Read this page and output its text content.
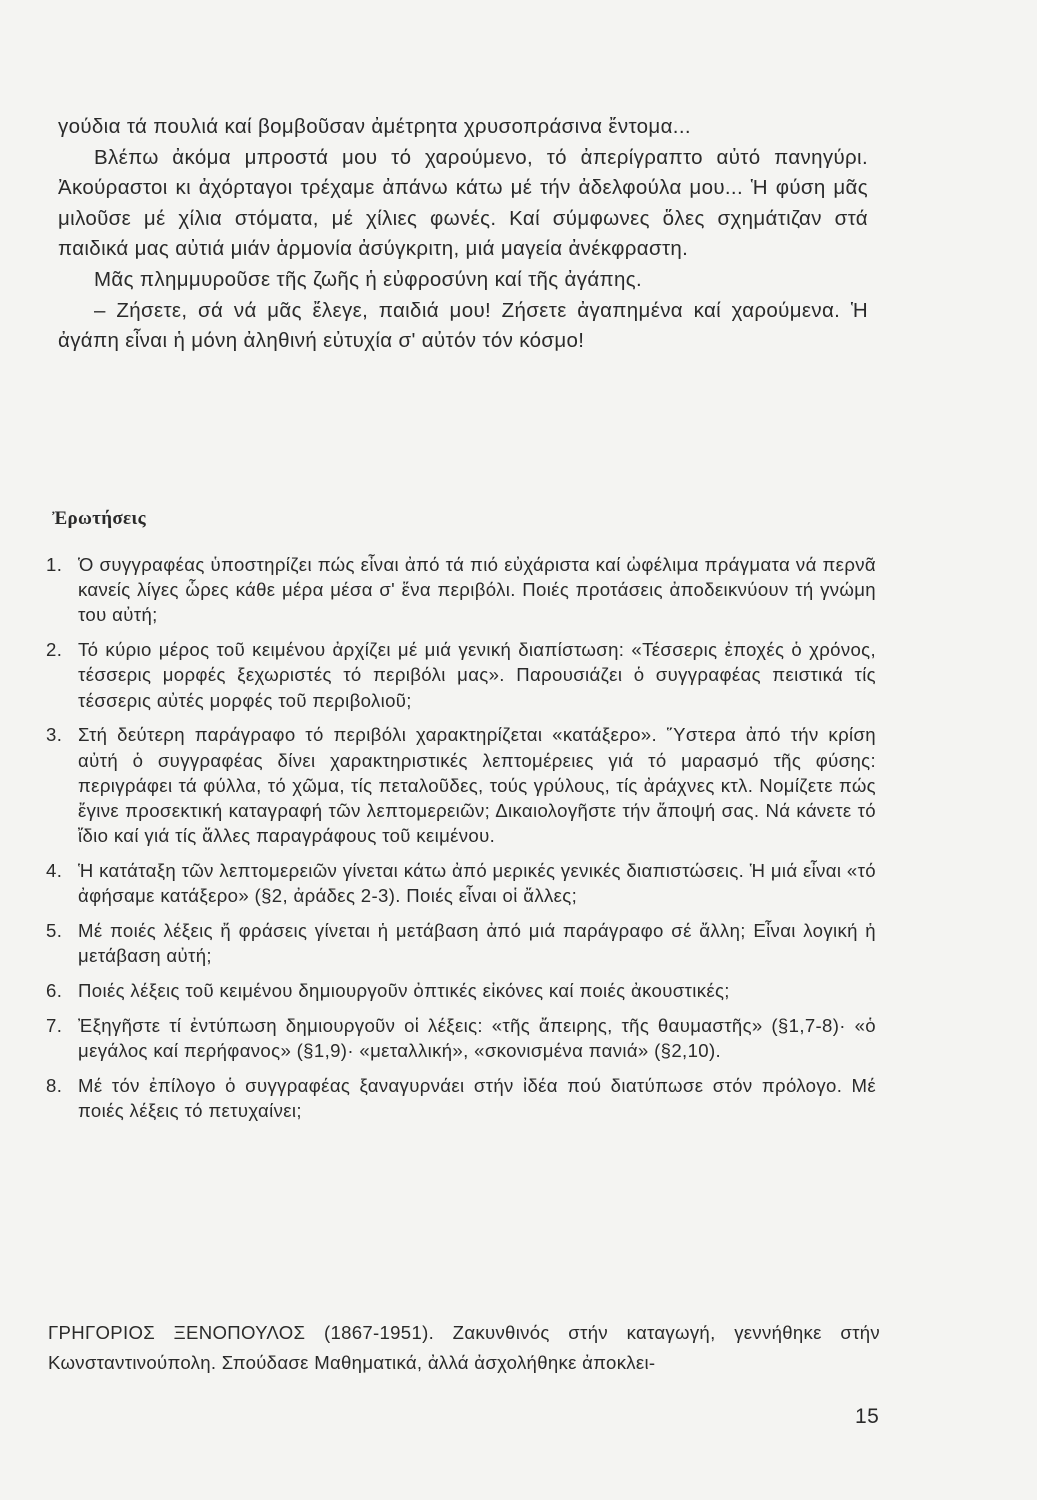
γούδια τά πουλιά καί βομβοῦσαν ἀμέτρητα χρυσοπράσινα ἔντομα...

Βλέπω ἀκόμα μπροστά μου τό χαρούμενο, τό ἀπερίγραπτο αὐτό πανηγύρι. Ἀκούραστοι κι ἀχόρταγοι τρέχαμε ἀπάνω κάτω μέ τήν ἀδελφούλα μου... Ἡ φύση μᾶς μιλοῦσε μέ χίλια στόματα, μέ χίλιες φωνές. Καί σύμφωνες ὅλες σχημάτιζαν στά παιδικά μας αὐτιά μιάν ἁρμονία ἀσύγκριτη, μιά μαγεία ἀνέκφραστη.

Μᾶς πλημμυροῦσε τῆς ζωῆς ἡ εὐφροσύνη καί τῆς ἀγάπης.

– Ζήσετε, σά νά μᾶς ἔλεγε, παιδιά μου! Ζήσετε ἀγαπημένα καί χαρούμενα. Ἡ ἀγάπη εἶναι ἡ μόνη ἀληθινή εὐτυχία σ' αὐτόν τόν κόσμο!

Ἐρωτήσεις
1. Ὁ συγγραφέας ὑποστηρίζει πώς εἶναι ἀπό τά πιό εὐχάριστα καί ὠφέλιμα πράγματα νά περνᾶ κανείς λίγες ὧρες κάθε μέρα μέσα σ' ἕνα περιβόλι. Ποιές προτάσεις ἀποδεικνύουν τή γνώμη του αὐτή;
2. Τό κύριο μέρος τοῦ κειμένου ἀρχίζει μέ μιά γενική διαπίστωση: «Τέσσερις ἐποχές ὁ χρόνος, τέσσερις μορφές ξεχωριστές τό περιβόλι μας». Παρουσιάζει ὁ συγγραφέας πειστικά τίς τέσσερις αὐτές μορφές τοῦ περιβολιοῦ;
3. Στή δεύτερη παράγραφο τό περιβόλι χαρακτηρίζεται «κατάξερο». Ὕστερα ἀπό τήν κρίση αὐτή ὁ συγγραφέας δίνει χαρακτηριστικές λεπτομέρειες γιά τό μαρασμό τῆς φύσης: περιγράφει τά φύλλα, τό χῶμα, τίς πεταλοῦδες, τούς γρύλους, τίς ἀράχνες κτλ. Νομίζετε πώς ἔγινε προσεκτική καταγραφή τῶν λεπτομερειῶν; Δικαιολογῆστε τήν ἄποψή σας. Νά κάνετε τό ἴδιο καί γιά τίς ἄλλες παραγράφους τοῦ κειμένου.
4. Ἡ κατάταξη τῶν λεπτομερειῶν γίνεται κάτω ἀπό μερικές γενικές διαπιστώσεις. Ἡ μιά εἶναι «τό ἀφήσαμε κατάξερο» (§2, ἀράδες 2-3). Ποιές εἶναι οἱ ἄλλες;
5. Μέ ποιές λέξεις ἤ φράσεις γίνεται ἡ μετάβαση ἀπό μιά παράγραφο σέ ἄλλη; Εἶναι λογική ἡ μετάβαση αὐτή;
6. Ποιές λέξεις τοῦ κειμένου δημιουργοῦν ὀπτικές εἰκόνες καί ποιές ἀκουστικές;
7. Ἐξηγῆστε τί ἐντύπωση δημιουργοῦν οἱ λέξεις: «τῆς ἄπειρης, τῆς θαυμαστῆς» (§1,7-8)· «ὁ μεγάλος καί περήφανος» (§1,9)· «μεταλλική», «σκονισμένα πανιά» (§2,10).
8. Μέ τόν ἐπίλογο ὁ συγγραφέας ξαναγυρνάει στήν ἰδέα πού διατύπωσε στόν πρόλογο. Μέ ποιές λέξεις τό πετυχαίνει;
ΓΡΗΓΟΡΙΟΣ ΞΕΝΟΠΟΥΛΟΣ (1867-1951). Ζακυνθινός στήν καταγωγή, γεννήθηκε στήν Κωνσταντινούπολη. Σπούδασε Μαθηματικά, ἀλλά ἀσχολήθηκε ἀποκλει-
15
